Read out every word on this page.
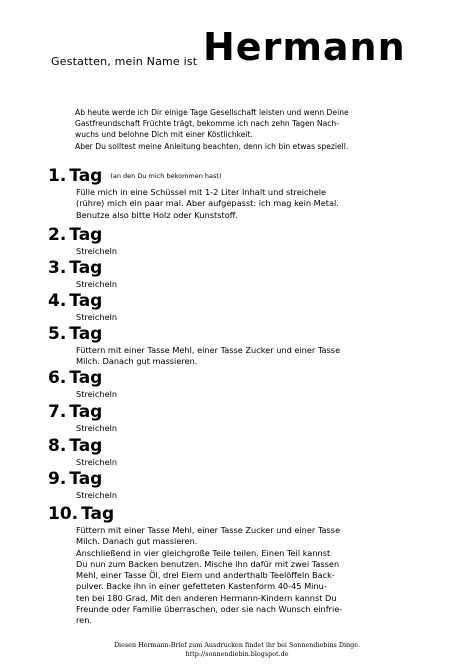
Gestatten, mein Name ist Hermann

Ab heute werde ich Dir einige Tage Gesellschaft leisten und wenn Deine

Gastfreundschaft Früchte trägt, bekomme ich nach zehn Tagen Nach-

wuchs und belohne Dich mit einer Köstlichkeit.

Aber Du solltest meine Anleitung beachten, denn ich bin etwas speziell.

1. Tag (an den Du mich bekommen hast)
Fülle mich in eine Schüssel mit 1-2 Liter Inhalt und streichele
(rühre) mich ein paar mal. Aber aufgepasst: ich mag kein Metal.
Benutze also bitte Holz oder Kunststoff.
2. Tag
Streicheln
3. Tag
Streicheln
4. Tag
Streicheln
5. Tag
Füttern mit einer Tasse Mehl, einer Tasse Zucker und einer Tasse
Milch. Danach gut massieren.
6. Tag
Streicheln
7. Tag
Streicheln
8. Tag
Streicheln
9. Tag
Streicheln
10. Tag
Füttern mit einer Tasse Mehl, einer Tasse Zucker und einer Tasse
Milch. Danach gut massieren.
Anschließend in vier gleichgroße Teile teilen. Einen Teil kannst
Du nun zum Backen benutzen. Mische ihn dafür mit zwei Tassen
Mehl, einer Tasse Öl, drei Eiern und anderthalb Teelöffeln Back-
pulver. Backe ihn in einer gefetteten Kastenform 40-45 Minu-
ten bei 180 Grad. Mit den anderen Hermann-Kindern kannst Du
Freunde oder Familie überraschen, oder sie nach Wunsch einfrie-
ren.
Diesen Hermann-Brief zum Ausdrucken findet ihr bei Sonnendiebins Dinge.
http://sonnendiebin.blogspot.de
